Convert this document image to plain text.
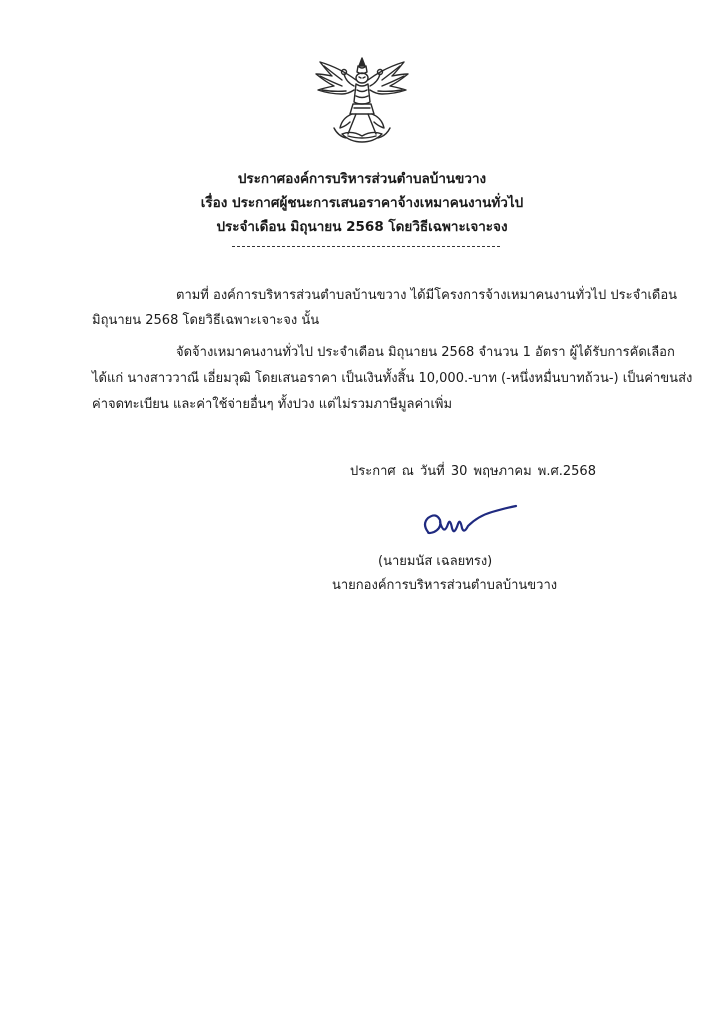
ประกาศองค์การบริหารส่วนตำบลบ้านขวาง
เรื่อง ประกาศผู้ชนะการเสนอราคาจ้างเหมาคนงานทั่วไป
ประจำเดือน มิถุนายน 2568 โดยวิธีเฉพาะเจาะจง
ตามที่ องค์การบริหารส่วนตำบลบ้านขวาง ได้มีโครงการจ้างเหมาคนงานทั่วไป ประจำเดือน
มิถุนายน 2568 โดยวิธีเฉพาะเจาะจง นั้น
จัดจ้างเหมาคนงานทั่วไป ประจำเดือน มิถุนายน 2568 จำนวน 1 อัตรา ผู้ได้รับการคัดเลือก
ได้แก่ นางสาววาณี เอี่ยมวุฒิ โดยเสนอราคา เป็นเงินทั้งสิ้น 10,000.-บาท (-หนึ่งหมื่นบาทถ้วน-) เป็นค่าขนส่ง
ค่าจดทะเบียน และค่าใช้จ่ายอื่นๆ ทั้งปวง แต่ไม่รวมภาษีมูลค่าเพิ่ม
ประกาศ ณ วันที่ 30 พฤษภาคม พ.ศ.2568
(นายมนัส เฉลยทรง)
นายกองค์การบริหารส่วนตำบลบ้านขวาง
